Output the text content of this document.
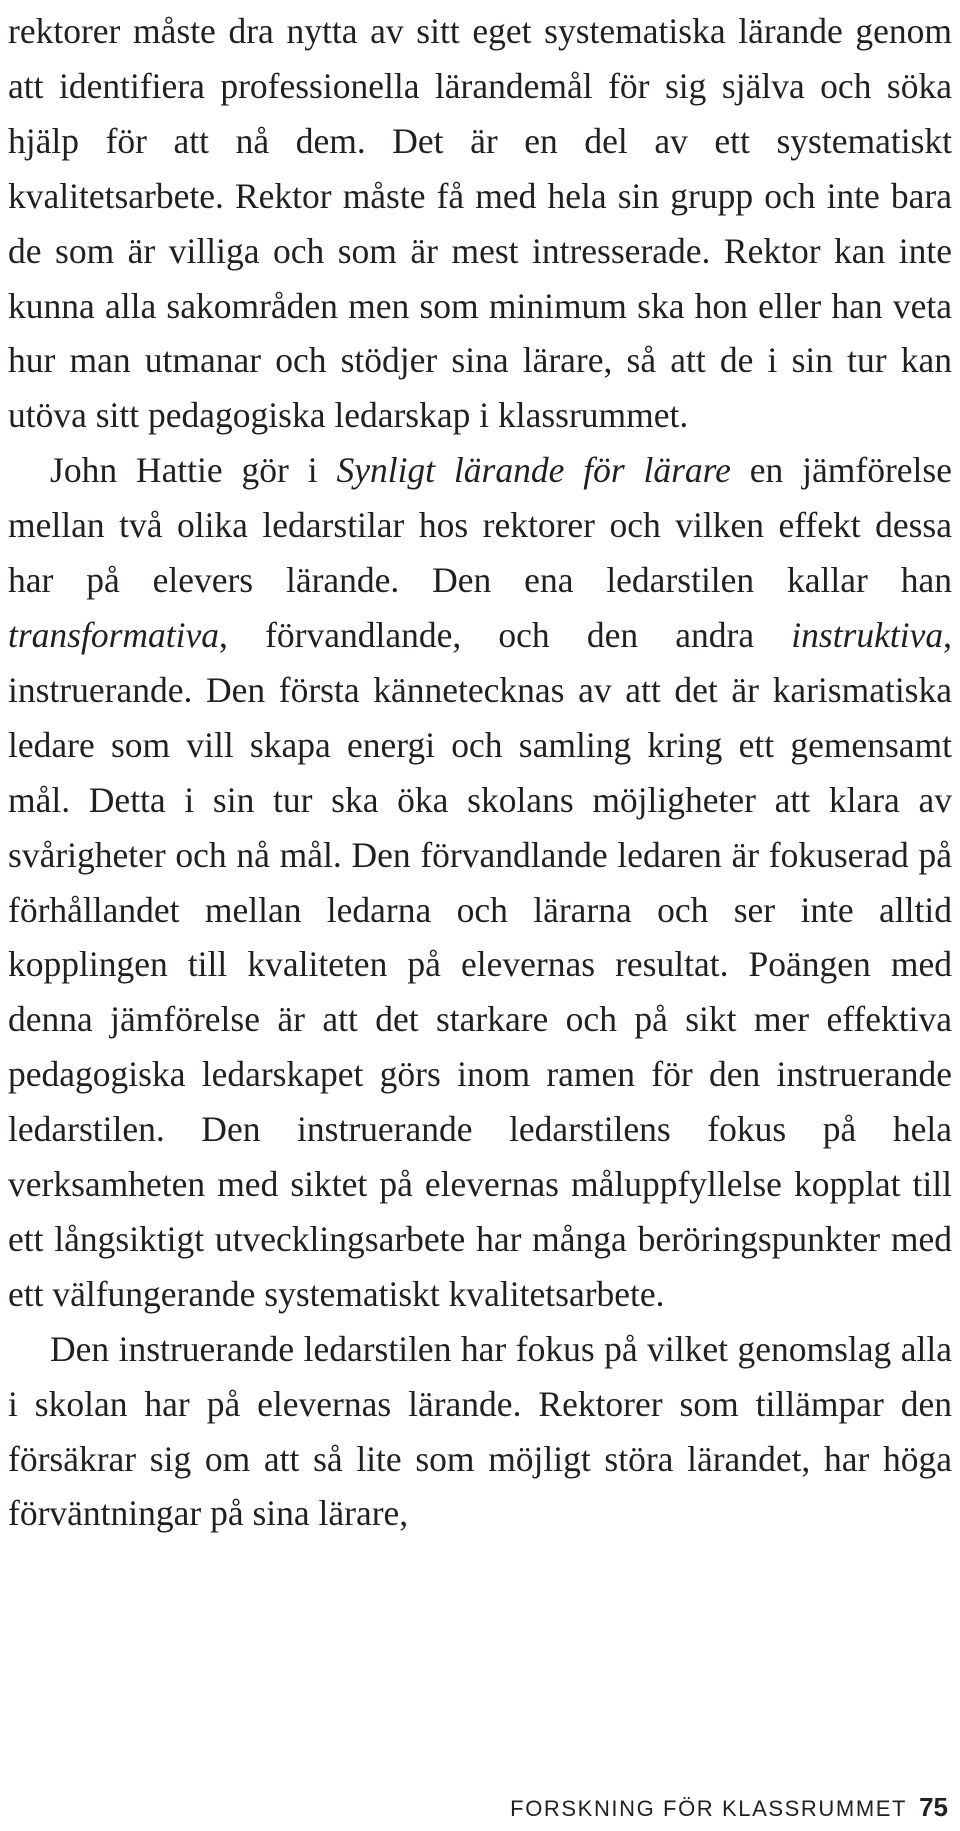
rektorer måste dra nytta av sitt eget systematiska lärande genom att identifiera professionella lärandemål för sig själva och söka hjälp för att nå dem. Det är en del av ett systematiskt kvalitetsarbete. Rektor måste få med hela sin grupp och inte bara de som är villiga och som är mest intresserade. Rektor kan inte kunna alla sakområden men som minimum ska hon eller han veta hur man utmanar och stödjer sina lärare, så att de i sin tur kan utöva sitt pedagogiska ledarskap i klassrummet.

John Hattie gör i Synligt lärande för lärare en jämförelse mellan två olika ledarstilar hos rektorer och vilken effekt dessa har på elevers lärande. Den ena ledarstilen kallar han transformativa, förvandlande, och den andra instruktiva, instruerande. Den första kännetecknas av att det är karismatiska ledare som vill skapa energi och samling kring ett gemensamt mål. Detta i sin tur ska öka skolans möjligheter att klara av svårigheter och nå mål. Den förvandlande ledaren är fokuserad på förhållandet mellan ledarna och lärarna och ser inte alltid kopplingen till kvaliteten på elevernas resultat. Poängen med denna jämförelse är att det starkare och på sikt mer effektiva pedagogiska ledarskapet görs inom ramen för den instruerande ledarstilen. Den instruerande ledarstilens fokus på hela verksamheten med siktet på elevernas måluppfyllelse kopplat till ett långsiktigt utvecklingsarbete har många beröringspunkter med ett välfungerande systematiskt kvalitetsarbete.

Den instruerande ledarstilen har fokus på vilket genomslag alla i skolan har på elevernas lärande. Rektorer som tillämpar den försäkrar sig om att så lite som möjligt störa lärandet, har höga förväntningar på sina lärare,

FORSKNING FÖR KLASSRUMMET 75
